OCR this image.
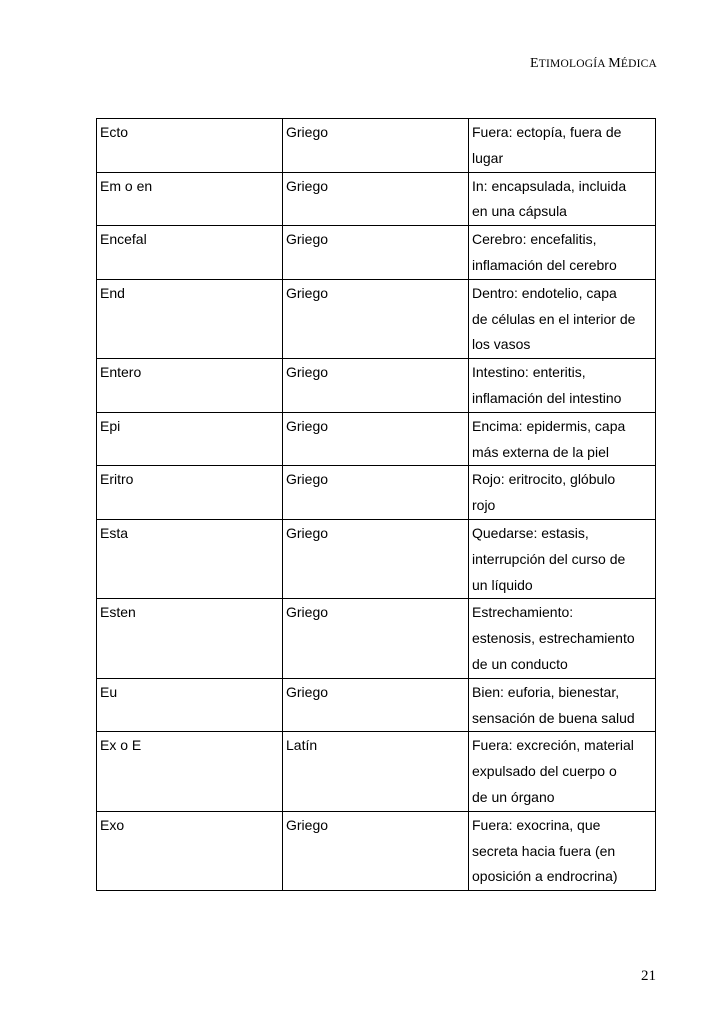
ETIMOLOGÍA MÉDICA
Ecto	Griego	Fuera: ectopía, fuera de
lugar

Em o en	Griego	In: encapsulada, incluida
en una cápsula

Encefal	Griego	Cerebro: encefalitis,
inflamación del cerebro

End	Griego	Dentro: endotelio, capa
de células en el interior de
los vasos

Entero	Griego	Intestino: enteritis,
inflamación del intestino

Epi	Griego	Encima: epidermis, capa
más externa de la piel

Eritro	Griego	Rojo: eritrocito, glóbulo
rojo

Esta	Griego	Quedarse: estasis,
interrupción del curso de
un líquido

Esten	Griego	Estrechamiento:
estenosis, estrechamiento
de un conducto

Eu	Griego	Bien: euforia, bienestar,
sensación de buena salud

Ex o E	Latín	Fuera: excreción, material
expulsado del cuerpo o
de un órgano

Exo	Griego	Fuera: exocrina, que
secreta hacia fuera (en
oposición a endrocrina)
21
